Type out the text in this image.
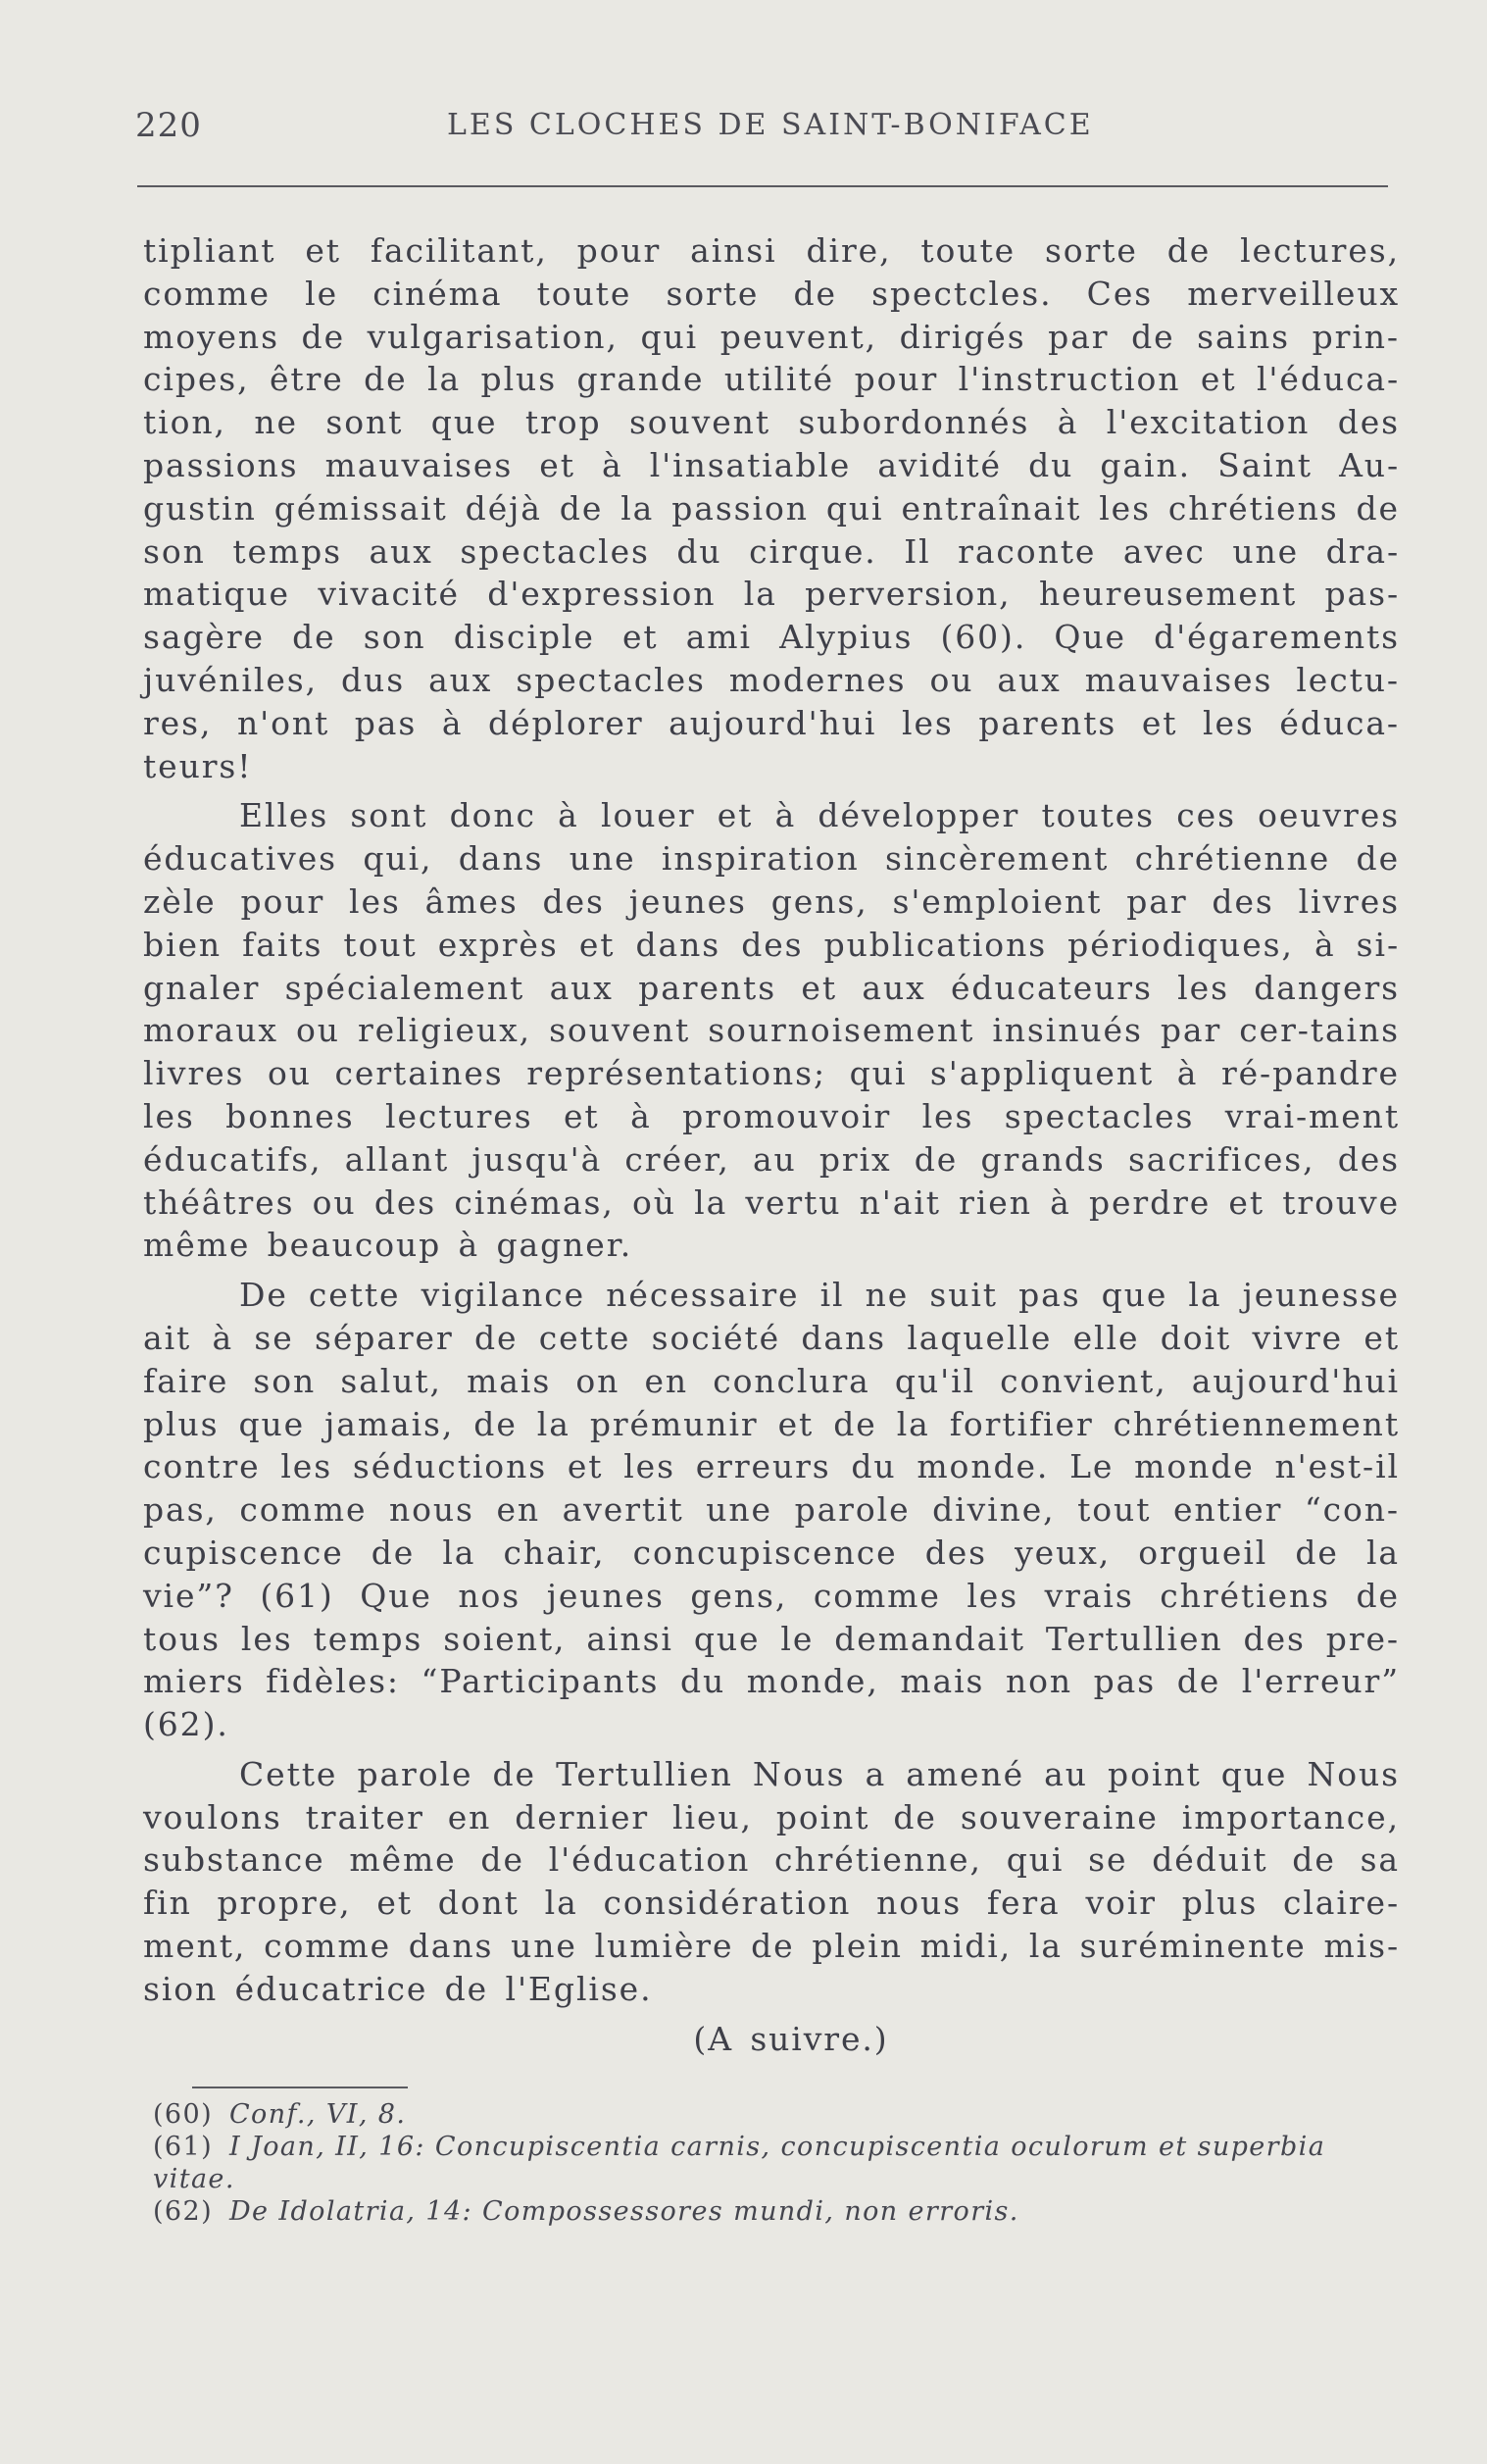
220	LES CLOCHES DE SAINT-BONIFACE

tipliant et facilitant, pour ainsi dire, toute sorte de lectures, comme le cinéma toute sorte de spectcles. Ces merveilleux moyens de vulgarisation, qui peuvent, dirigés par de sains prin-cipes, être de la plus grande utilité pour l'instruction et l'éduca-tion, ne sont que trop souvent subordonnés à l'excitation des passions mauvaises et à l'insatiable avidité du gain. Saint Au-gustin gémissait déjà de la passion qui entraînait les chrétiens de son temps aux spectacles du cirque. Il raconte avec une dra-matique vivacité d'expression la perversion, heureusement pas-sagère de son disciple et ami Alypius (60). Que d'égarements juvéniles, dus aux spectacles modernes ou aux mauvaises lectu-res, n'ont pas à déplorer aujourd'hui les parents et les éduca-teurs!

Elles sont donc à louer et à développer toutes ces oeuvres éducatives qui, dans une inspiration sincèrement chrétienne de zèle pour les âmes des jeunes gens, s'emploient par des livres bien faits tout exprès et dans des publications périodiques, à si-gnaler spécialement aux parents et aux éducateurs les dangers moraux ou religieux, souvent sournoisement insinués par cer-tains livres ou certaines représentations; qui s'appliquent à ré-pandre les bonnes lectures et à promouvoir les spectacles vrai-ment éducatifs, allant jusqu'à créer, au prix de grands sacrifices, des théâtres ou des cinémas, où la vertu n'ait rien à perdre et trouve même beaucoup à gagner.

De cette vigilance nécessaire il ne suit pas que la jeunesse ait à se séparer de cette société dans laquelle elle doit vivre et faire son salut, mais on en conclura qu'il convient, aujourd'hui plus que jamais, de la prémunir et de la fortifier chrétiennement contre les séductions et les erreurs du monde. Le monde n'est-il pas, comme nous en avertit une parole divine, tout entier “con-cupiscence de la chair, concupiscence des yeux, orgueil de la vie”? (61) Que nos jeunes gens, comme les vrais chrétiens de tous les temps soient, ainsi que le demandait Tertullien des pre-miers fidèles: “Participants du monde, mais non pas de l'erreur” (62).

Cette parole de Tertullien Nous a amené au point que Nous voulons traiter en dernier lieu, point de souveraine importance, substance même de l'éducation chrétienne, qui se déduit de sa fin propre, et dont la considération nous fera voir plus claire-ment, comme dans une lumière de plein midi, la suréminente mis-sion éducatrice de l'Eglise.

(A suivre.)
(60) Conf., VI, 8.
(61) I Joan, II, 16: Concupiscentia carnis, concupiscentia oculorum et superbia vitae.
(62) De Idolatria, 14: Compossessores mundi, non erroris.
